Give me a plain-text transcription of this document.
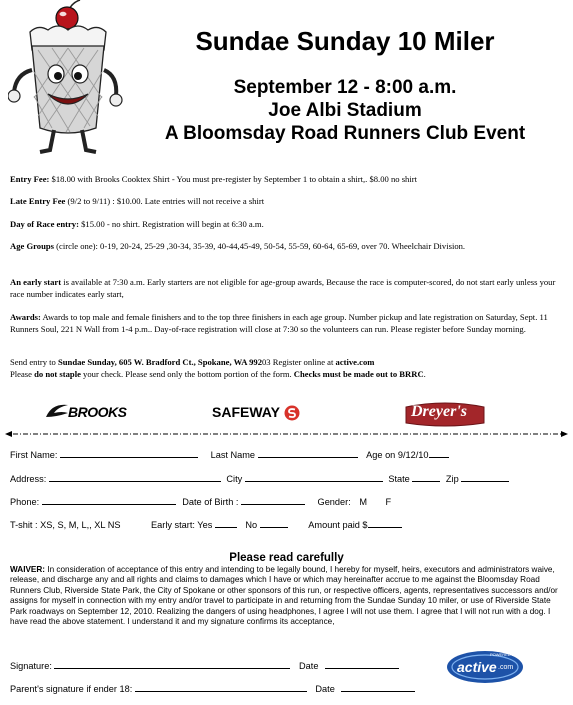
Sundae Sunday 10 Miler
September 12 - 8:00 a.m.
Joe Albi Stadium
A Bloomsday Road Runners Club Event
Entry Fee: $18.00 with Brooks Cooktex Shirt - You must pre-register by September 1 to obtain a shirt,. $8.00 no shirt
Late Entry Fee (9/2 to 9/11) : $10.00. Late entries will not receive a shirt
Day of Race entry: $15.00 - no shirt. Registration will begin at 6:30 a.m.
Age Groups (circle one): 0-19, 20-24, 25-29 ,30-34, 35-39, 40-44,45-49, 50-54, 55-59, 60-64, 65-69, over 70. Wheelchair Division.
An early start is available at 7:30 a.m. Early starters are not eligible for age-group awards, Because the race is computer-scored, do not start early unless your race number indicates early start,
Awards: Awards to top male and female finishers and to the top three finishers in each age group. Number pickup and late registration on Saturday, Sept. 11 Runners Soul, 221 N Wall from 1-4 p.m.. Day-of-race registration will close at 7:30 so the volunteers can run. Please register before Sunday morning.
Send entry to Sundae Sunday, 605 W. Bradford Ct., Spokane, WA 99203 Register online at active.com
Please do not staple your check. Please send only the bottom portion of the form. Checks must be made out to BRRC.
BROOKS	SAFEWAY	Dreyer's
First Name:	Last Name	Age on 9/12/10
Address:	City	State	Zip
Phone:	Date of Birth :	Gender: M F
T-shit : XS, S, M, L,, XL NS	Early start: Yes	No	Amount paid $
Please read carefully
WAIVER: In consideration of acceptance of this entry and intending to be legally bound, I hereby for myself, heirs, executors and administrators waive, release, and discharge any and all rights and claims to damages which I have or which may hereinafter accrue to me against the Bloomsday Road Runners Club, Riverside State Park, the City of Spokane or other sponsors of this run, or respective officers, agents, representatives successors and/or assigns for myself in connection with my entry and/or travel to participate in and returning from the Sundae Sunday 10 miler, or use of Riverside State Park roadways on September 12, 2010. Realizing the dangers of using headphones, I agree I will not use them. I agree that I will not run with a dog. I have read the above statement. I understand it and my signature confirms its acceptance,
Signature:	Date
Parent's signature if ender 18:	Date
POWERED BY
active .com
